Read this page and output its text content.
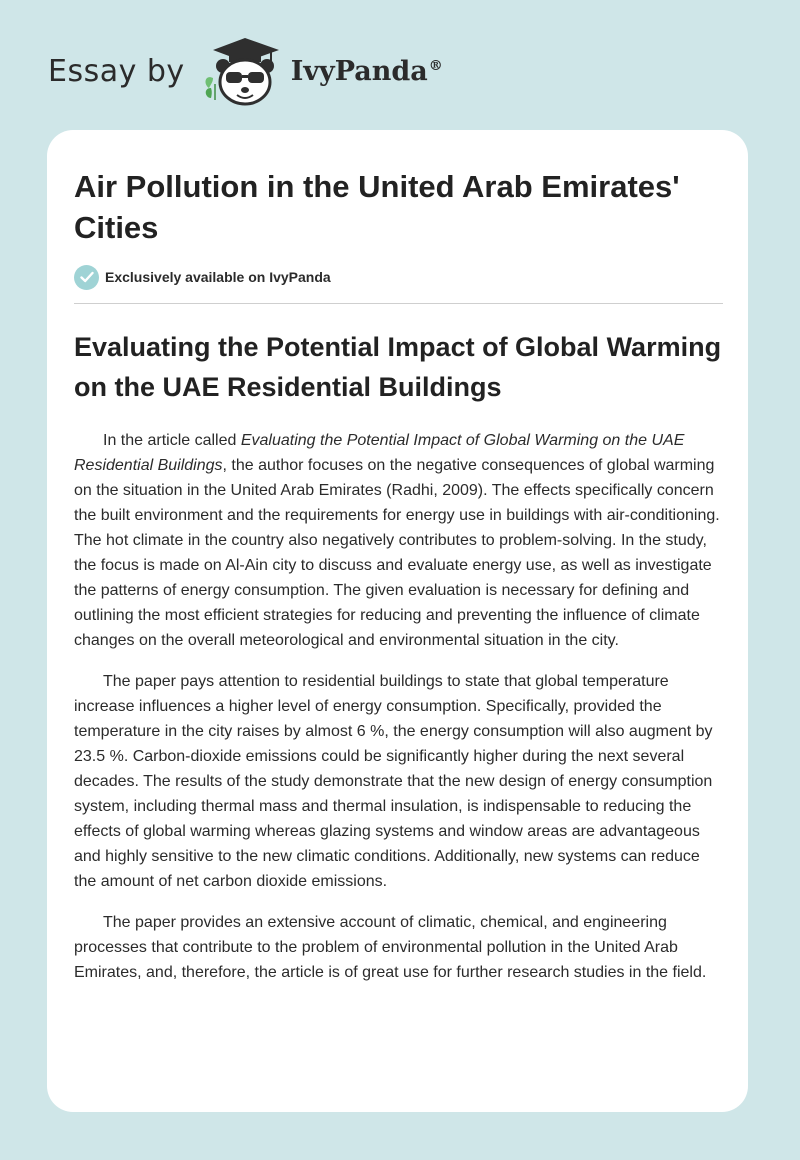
Essay by	IvyPanda®
Air Pollution in the United Arab Emirates' Cities
Exclusively available on IvyPanda
Evaluating the Potential Impact of Global Warming on the UAE Residential Buildings

In the article called Evaluating the Potential Impact of Global Warming on the UAE Residential Buildings, the author focuses on the negative consequences of global warming on the situation in the United Arab Emirates (Radhi, 2009). The effects specifically concern the built environment and the requirements for energy use in buildings with air-conditioning. The hot climate in the country also negatively contributes to problem-solving. In the study, the focus is made on Al-Ain city to discuss and evaluate energy use, as well as investigate the patterns of energy consumption. The given evaluation is necessary for defining and outlining the most efficient strategies for reducing and preventing the influence of climate changes on the overall meteorological and environmental situation in the city.

The paper pays attention to residential buildings to state that global temperature increase influences a higher level of energy consumption. Specifically, provided the temperature in the city raises by almost 6 %, the energy consumption will also augment by 23.5 %. Carbon-dioxide emissions could be significantly higher during the next several decades. The results of the study demonstrate that the new design of energy consumption system, including thermal mass and thermal insulation, is indispensable to reducing the effects of global warming whereas glazing systems and window areas are advantageous and highly sensitive to the new climatic conditions. Additionally, new systems can reduce the amount of net carbon dioxide emissions.

The paper provides an extensive account of climatic, chemical, and engineering processes that contribute to the problem of environmental pollution in the United Arab Emirates, and, therefore, the article is of great use for further research studies in the field.
